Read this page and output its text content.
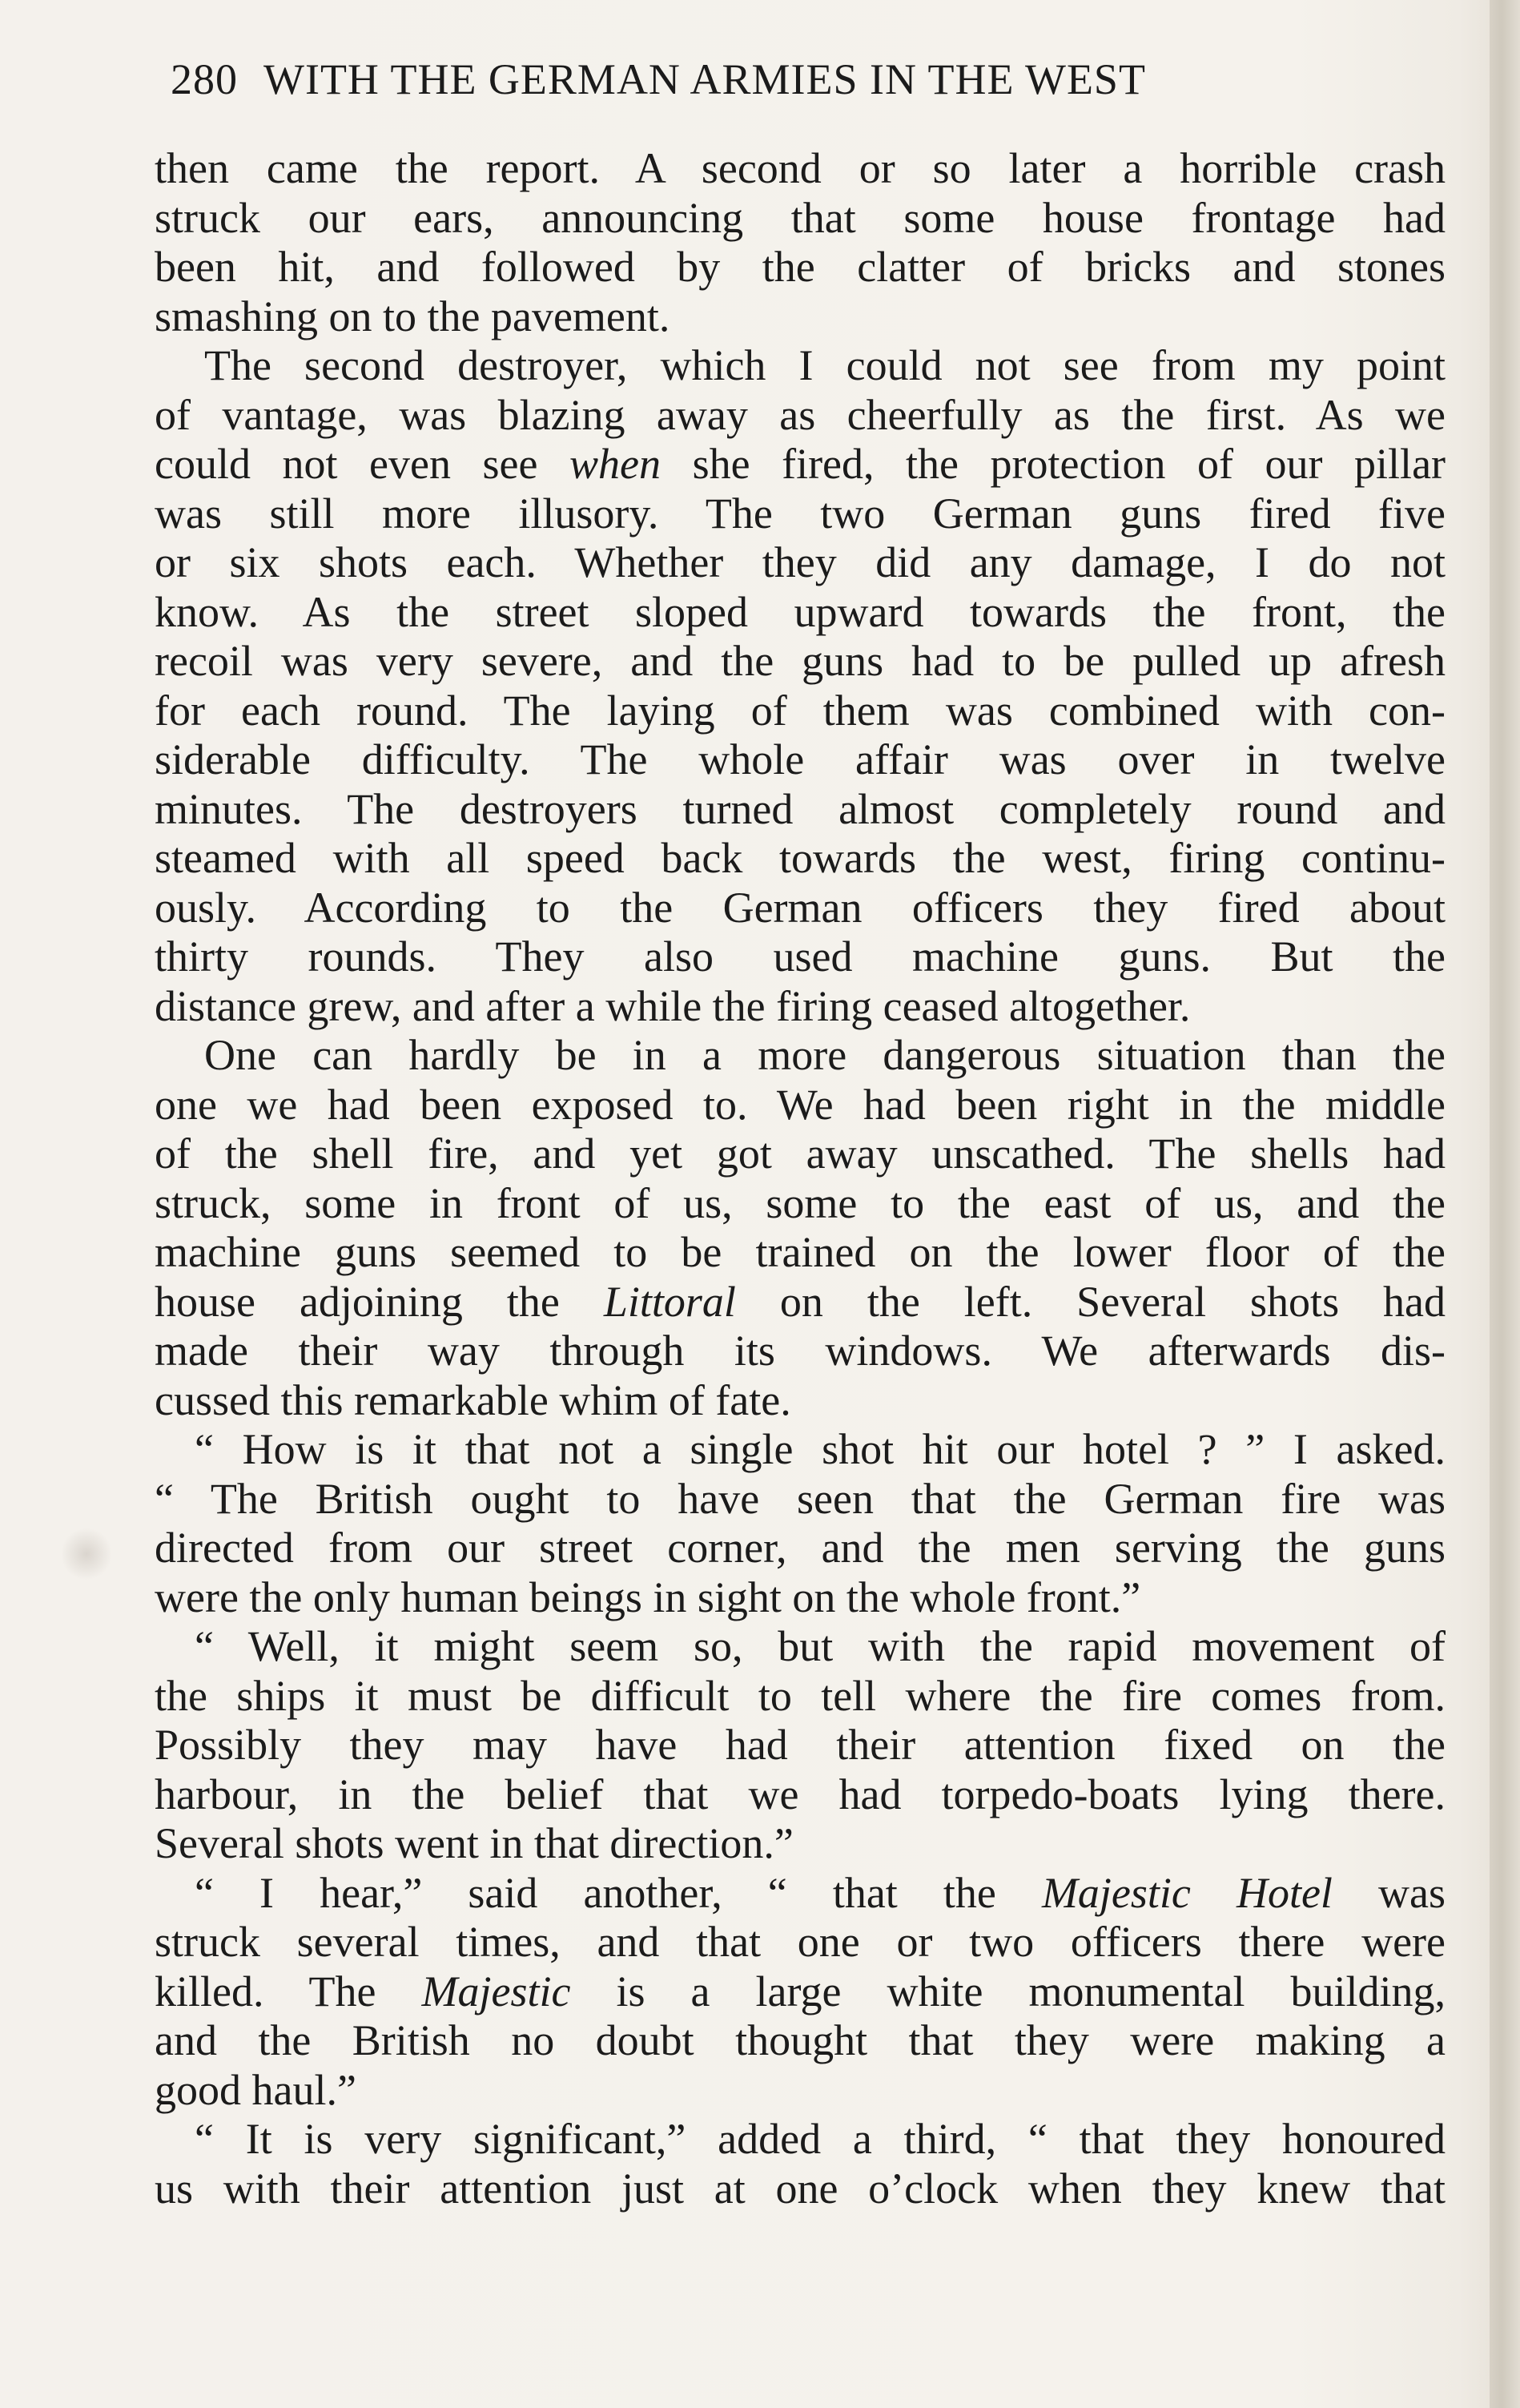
280 WITH THE GERMAN ARMIES IN THE WEST
then came the report. A second or so later a horrible crash
struck our ears, announcing that some house frontage had
been hit, and followed by the clatter of bricks and stones
smashing on to the pavement.
The second destroyer, which I could not see from my point
of vantage, was blazing away as cheerfully as the first. As we
could not even see when she fired, the protection of our pillar
was still more illusory. The two German guns fired five
or six shots each. Whether they did any damage, I do not
know. As the street sloped upward towards the front, the
recoil was very severe, and the guns had to be pulled up afresh
for each round. The laying of them was combined with con-
siderable difficulty. The whole affair was over in twelve
minutes. The destroyers turned almost completely round and
steamed with all speed back towards the west, firing continu-
ously. According to the German officers they fired about
thirty rounds. They also used machine guns. But the
distance grew, and after a while the firing ceased altogether.
One can hardly be in a more dangerous situation than the
one we had been exposed to. We had been right in the middle
of the shell fire, and yet got away unscathed. The shells had
struck, some in front of us, some to the east of us, and the
machine guns seemed to be trained on the lower floor of the
house adjoining the Littoral on the left. Several shots had
made their way through its windows. We afterwards dis-
cussed this remarkable whim of fate.
“ How is it that not a single shot hit our hotel ? ” I asked.
“ The British ought to have seen that the German fire was
directed from our street corner, and the men serving the guns
were the only human beings in sight on the whole front.”
“ Well, it might seem so, but with the rapid movement of
the ships it must be difficult to tell where the fire comes from.
Possibly they may have had their attention fixed on the
harbour, in the belief that we had torpedo-boats lying there.
Several shots went in that direction.”
“ I hear,” said another, “ that the Majestic Hotel was
struck several times, and that one or two officers there were
killed. The Majestic is a large white monumental building,
and the British no doubt thought that they were making a
good haul.”
“ It is very significant,” added a third, “ that they honoured
us with their attention just at one o’clock when they knew that
